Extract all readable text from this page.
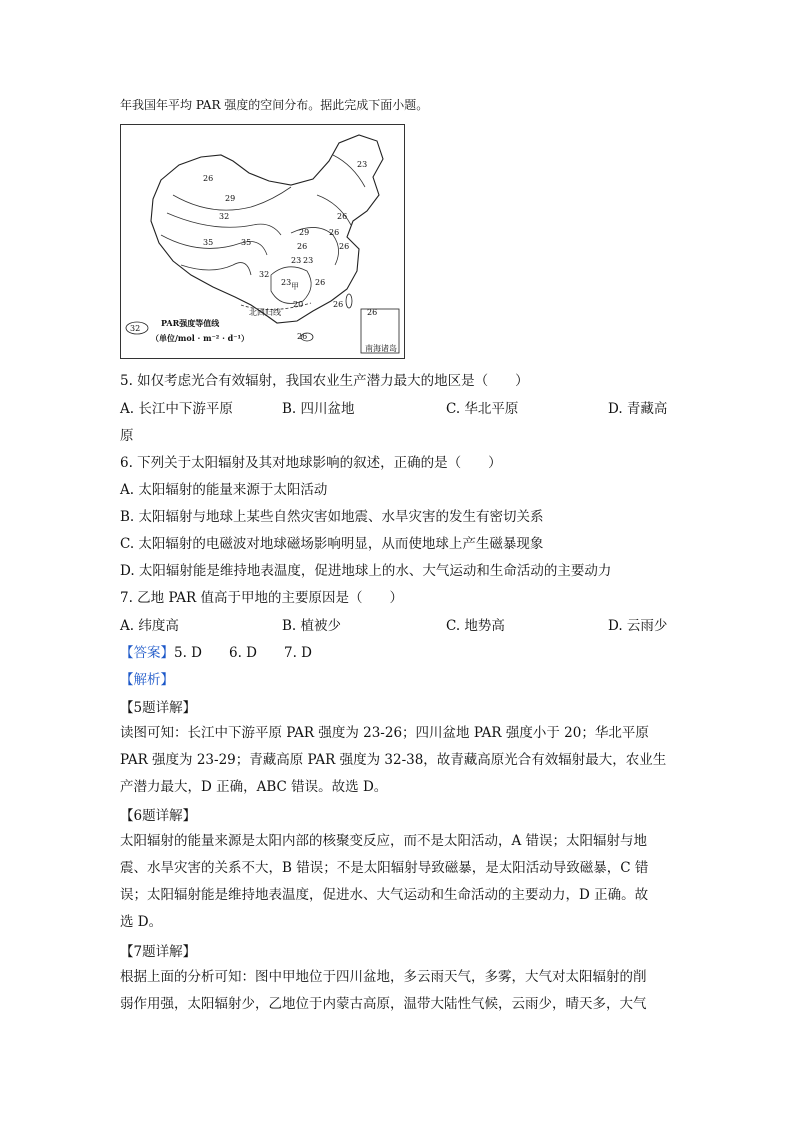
年我国年平均 PAR 强度的空间分布。据此完成下面小题。
26
29
32
35	35
32
29
26
23
26
26
26
23
26
23
20
甲
26
26
26
23
北回归线
南海诸岛
32
PAR强度等值线
（单位/mol · m⁻² · d⁻¹）
5. 如仅考虑光合有效辐射，我国农业生产潜力最大的地区是（　　）
A. 长江中下游平原	B. 四川盆地	C. 华北平原	D. 青藏高
原
6. 下列关于太阳辐射及其对地球影响的叙述，正确的是（　　）
A. 太阳辐射的能量来源于太阳活动
B. 太阳辐射与地球上某些自然灾害如地震、水旱灾害的发生有密切关系
C. 太阳辐射的电磁波对地球磁场影响明显，从而使地球上产生磁暴现象
D. 太阳辐射能是维持地表温度，促进地球上的水、大气运动和生命活动的主要动力
7. 乙地 PAR 值高于甲地的主要原因是（　　）
A. 纬度高	B. 植被少	C. 地势高	D. 云雨少
【答案】5. D　　6. D　　7. D
【解析】
【5题详解】
读图可知：长江中下游平原 PAR 强度为 23-26；四川盆地 PAR 强度小于 20；华北平原
PAR 强度为 23-29；青藏高原 PAR 强度为 32-38，故青藏高原光合有效辐射最大，农业生
产潜力最大，D 正确，ABC 错误。故选 D。
【6题详解】
太阳辐射的能量来源是太阳内部的核聚变反应，而不是太阳活动，A 错误；太阳辐射与地
震、水旱灾害的关系不大，B 错误；不是太阳辐射导致磁暴，是太阳活动导致磁暴，C 错
误；太阳辐射能是维持地表温度，促进水、大气运动和生命活动的主要动力，D 正确。故
选 D。
【7题详解】
根据上面的分析可知：图中甲地位于四川盆地，多云雨天气，多雾，大气对太阳辐射的削
弱作用强，太阳辐射少，乙地位于内蒙古高原，温带大陆性气候，云雨少，晴天多，大气
